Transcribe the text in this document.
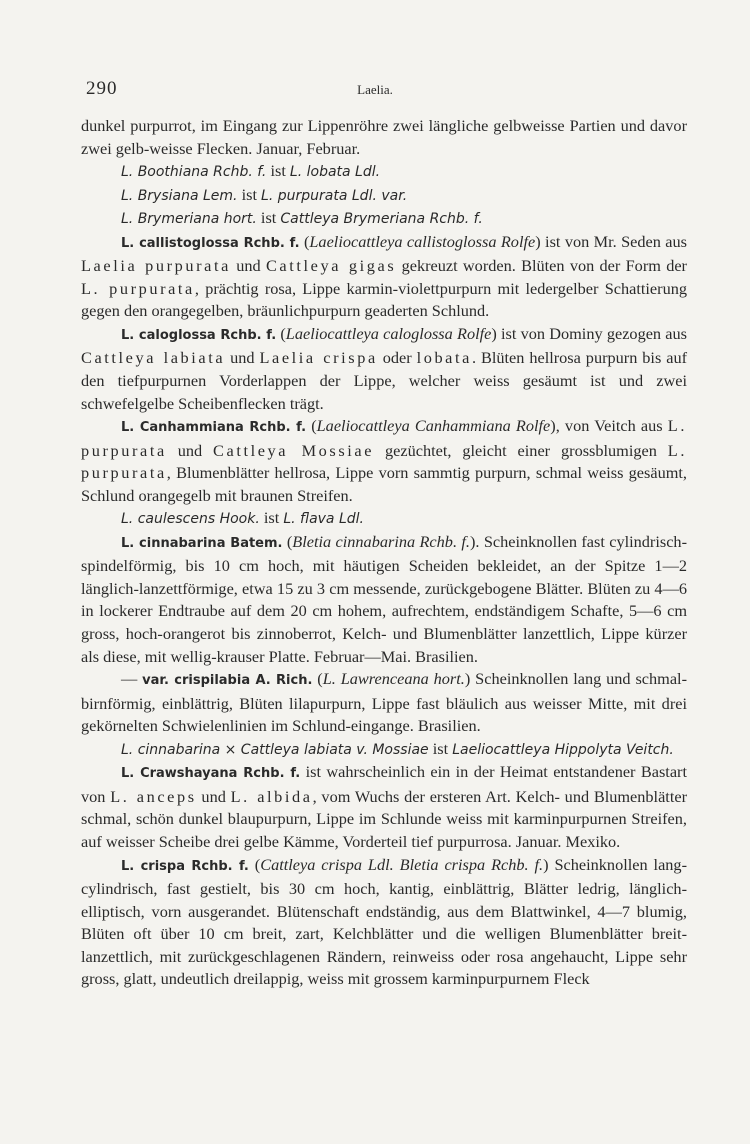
290	Laelia.

dunkel purpurrot, im Eingang zur Lippenröhre zwei längliche gelbweisse Partien und davor zwei gelb-weisse Flecken. Januar, Februar.

L. Boothiana Rchb. f. ist L. lobata Ldl.

L. Brysiana Lem. ist L. purpurata Ldl. var.

L. Brymeriana hort. ist Cattleya Brymeriana Rchb. f.

L. callistoglossa Rchb. f. (Laeliocattleya callistoglossa Rolfe) ist von Mr. Seden aus Laelia purpurata und Cattleya gigas gekreuzt worden. Blüten von der Form der L. purpurata, prächtig rosa, Lippe karmin-violettpurpurn mit ledergelber Schattierung gegen den orangegelben, bräunlichpurpurn geaderten Schlund.

L. caloglossa Rchb. f. (Laeliocattleya caloglossa Rolfe) ist von Dominy gezogen aus Cattleya labiata und Laelia crispa oder lobata. Blüten hellrosa purpurn bis auf den tiefpurpurnen Vorderlappen der Lippe, welcher weiss gesäumt ist und zwei schwefelgelbe Scheibenflecken trägt.

L. Canhammiana Rchb. f. (Laeliocattleya Canhammiana Rolfe), von Veitch aus L. purpurata und Cattleya Mossiae gezüchtet, gleicht einer grossblumigen L. purpurata, Blumenblätter hellrosa, Lippe vorn sammtig purpurn, schmal weiss gesäumt, Schlund orangegelb mit braunen Streifen.

L. caulescens Hook. ist L. flava Ldl.

L. cinnabarina Batem. (Bletia cinnabarina Rchb. f.). Scheinknollen fast cylindrisch-spindelförmig, bis 10 cm hoch, mit häutigen Scheiden bekleidet, an der Spitze 1—2 länglich-lanzettförmige, etwa 15 zu 3 cm messende, zurückgebogene Blätter. Blüten zu 4—6 in lockerer Endtraube auf dem 20 cm hohem, aufrechtem, endständigem Schafte, 5—6 cm gross, hoch-orangerot bis zinnoberrot, Kelch- und Blumenblätter lanzettlich, Lippe kürzer als diese, mit wellig-krauser Platte. Februar—Mai. Brasilien.

— var. crispilabia A. Rich. (L. Lawrenceana hort.) Scheinknollen lang und schmal-birnförmig, einblättrig, Blüten lilapurpurn, Lippe fast bläulich aus weisser Mitte, mit drei gekörnelten Schwielenlinien im Schlund-eingange. Brasilien.

L. cinnabarina × Cattleya labiata v. Mossiae ist Laeliocattleya Hippolyta Veitch.

L. Crawshayana Rchb. f. ist wahrscheinlich ein in der Heimat entstandener Bastart von L. anceps und L. albida, vom Wuchs der ersteren Art. Kelch- und Blumenblätter schmal, schön dunkel blaupurpurn, Lippe im Schlunde weiss mit karminpurpurnen Streifen, auf weisser Scheibe drei gelbe Kämme, Vorderteil tief purpurrosa. Januar. Mexiko.

L. crispa Rchb. f. (Cattleya crispa Ldl. Bletia crispa Rchb. f.) Scheinknollen lang-cylindrisch, fast gestielt, bis 30 cm hoch, kantig, einblättrig, Blätter ledrig, länglich-elliptisch, vorn ausgerandet. Blütenschaft endständig, aus dem Blattwinkel, 4—7 blumig, Blüten oft über 10 cm breit, zart, Kelchblätter und die welligen Blumenblätter breit-lanzettlich, mit zurückgeschlagenen Rändern, reinweiss oder rosa angehaucht, Lippe sehr gross, glatt, undeutlich dreilappig, weiss mit grossem karminpurpurnem Fleck
